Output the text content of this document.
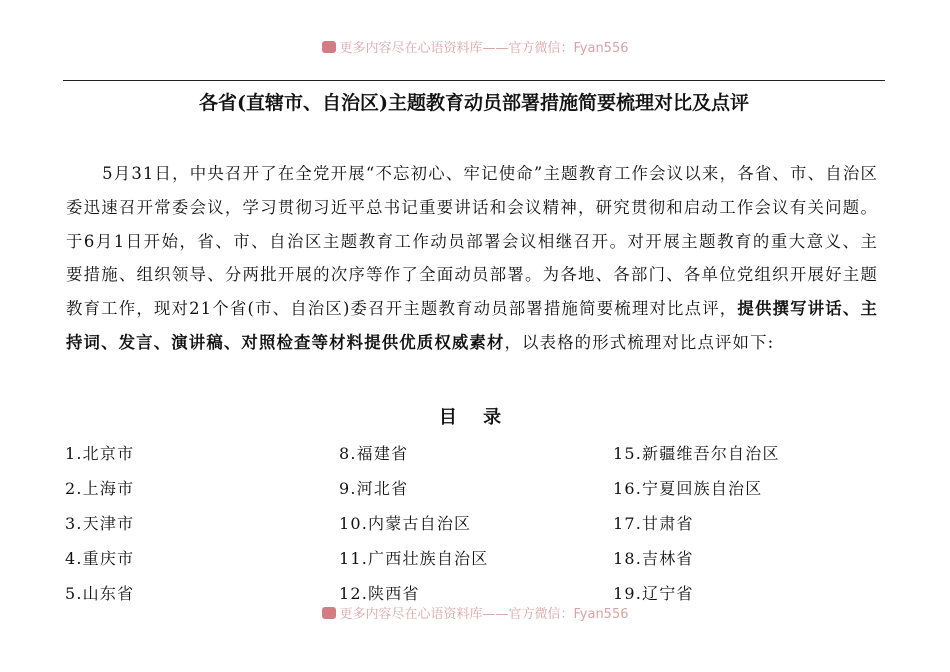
更多内容尽在心语资料库——官方微信：Fyan556
各省(直辖市、自治区)主题教育动员部署措施简要梳理对比及点评

5月31日，中央召开了在全党开展“不忘初心、牢记使命”主题教育工作会议以来，各省、市、自治区委迅速召开常委会议，学习贯彻习近平总书记重要讲话和会议精神，研究贯彻和启动工作会议有关问题。于6月1日开始，省、市、自治区主题教育工作动员部署会议相继召开。对开展主题教育的重大意义、主要措施、组织领导、分两批开展的次序等作了全面动员部署。为各地、各部门、各单位党组织开展好主题教育工作，现对21个省(市、自治区)委召开主题教育动员部署措施简要梳理对比点评，提供撰写讲话、主持词、发言、演讲稿、对照检查等材料提供优质权威素材，以表格的形式梳理对比点评如下:

目 录
1.北京市
2.上海市
3.天津市
4.重庆市
5.山东省
8.福建省
9.河北省
10.内蒙古自治区
11.广西壮族自治区
12.陕西省
15.新疆维吾尔自治区
16.宁夏回族自治区
17.甘肃省
18.吉林省
19.辽宁省
更多内容尽在心语资料库——官方微信：Fyan556
